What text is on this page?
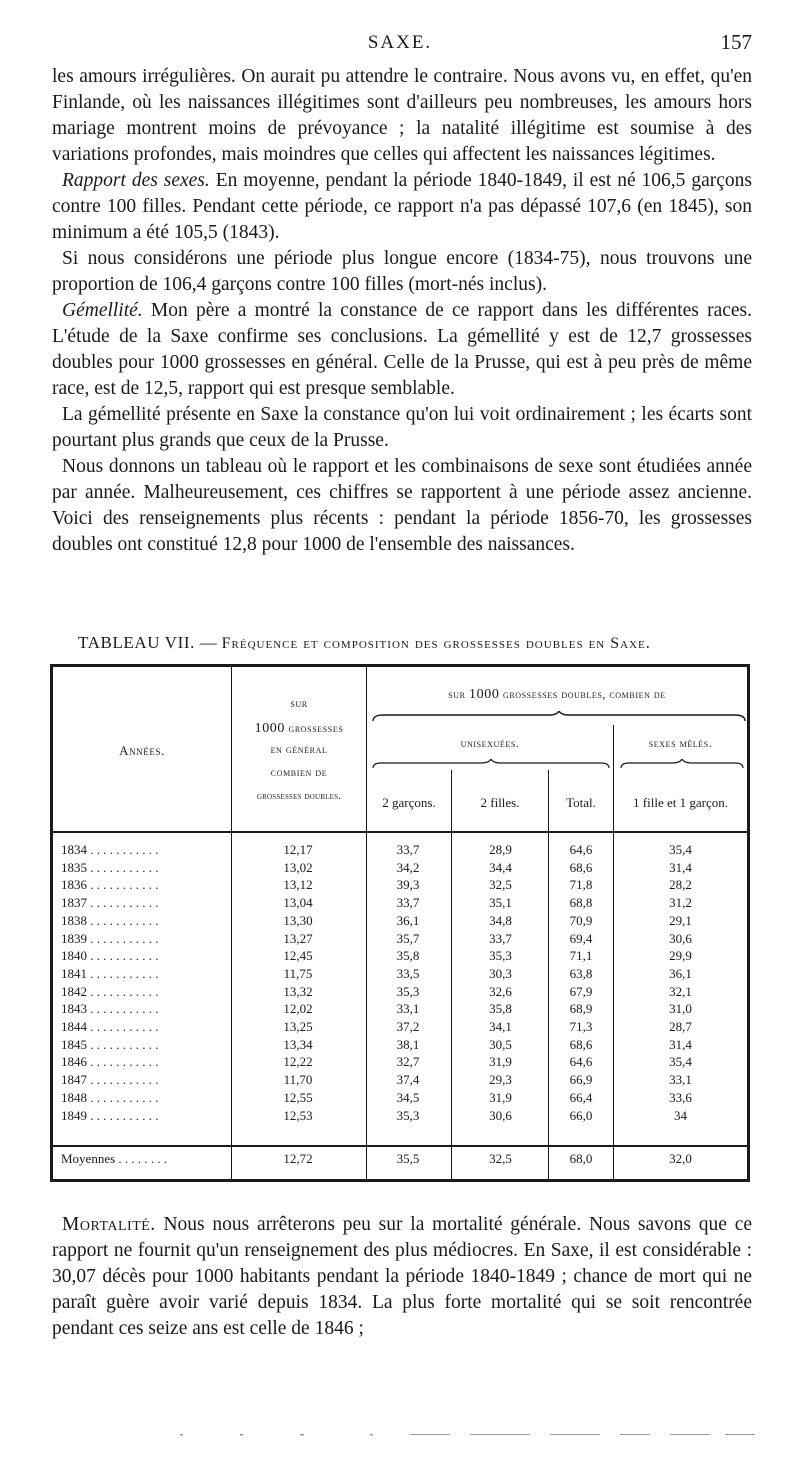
SAXE.	157

les amours irrégulières. On aurait pu attendre le contraire. Nous avons vu, en effet, qu'en Finlande, où les naissances illégitimes sont d'ailleurs peu nombreuses, les amours hors mariage montrent moins de prévoyance ; la natalité illégitime est soumise à des variations profondes, mais moindres que celles qui affectent les naissances légitimes.

Rapport des sexes. En moyenne, pendant la période 1840-1849, il est né 106,5 garçons contre 100 filles. Pendant cette période, ce rapport n'a pas dépassé 107,6 (en 1845), son minimum a été 105,5 (1843).

Si nous considérons une période plus longue encore (1834-75), nous trouvons une proportion de 106,4 garçons contre 100 filles (mort-nés inclus).

Gémellité. Mon père a montré la constance de ce rapport dans les différentes races. L'étude de la Saxe confirme ses conclusions. La gémellité y est de 12,7 grossesses doubles pour 1000 grossesses en général. Celle de la Prusse, qui est à peu près de même race, est de 12,5, rapport qui est presque semblable.

La gémellité présente en Saxe la constance qu'on lui voit ordinairement ; les écarts sont pourtant plus grands que ceux de la Prusse.

Nous donnons un tableau où le rapport et les combinaisons de sexe sont étudiées année par année. Malheureusement, ces chiffres se rapportent à une période assez ancienne. Voici des renseignements plus récents : pendant la période 1856-70, les grossesses doubles ont constitué 12,8 pour 1000 de l'ensemble des naissances.

TABLEAU VII. — Fréquence et composition des grossesses doubles en Saxe.
Années.
sur
1000 grossesses
en général
combien de
grossesses doubles.
sur 1000 grossesses doubles, combien de
unisexuées.	sexes mêlés.
2 garçons.	2 filles.	Total.	1 fille et 1 garçon.
1834 . . . . . . . . . . .	12,17	33,7	28,9	64,6	35,4
1835 . . . . . . . . . . .	13,02	34,2	34,4	68,6	31,4
1836 . . . . . . . . . . .	13,12	39,3	32,5	71,8	28,2
1837 . . . . . . . . . . .	13,04	33,7	35,1	68,8	31,2
1838 . . . . . . . . . . .	13,30	36,1	34,8	70,9	29,1
1839 . . . . . . . . . . .	13,27	35,7	33,7	69,4	30,6
1840 . . . . . . . . . . .	12,45	35,8	35,3	71,1	29,9
1841 . . . . . . . . . . .	11,75	33,5	30,3	63,8	36,1
1842 . . . . . . . . . . .	13,32	35,3	32,6	67,9	32,1
1843 . . . . . . . . . . .	12,02	33,1	35,8	68,9	31,0
1844 . . . . . . . . . . .	13,25	37,2	34,1	71,3	28,7
1845 . . . . . . . . . . .	13,34	38,1	30,5	68,6	31,4
1846 . . . . . . . . . . .	12,22	32,7	31,9	64,6	35,4
1847 . . . . . . . . . . .	11,70	37,4	29,3	66,9	33,1
1848 . . . . . . . . . . .	12,55	34,5	31,9	66,4	33,6
1849 . . . . . . . . . . .	12,53	35,3	30,6	66,0	34
Moyennes . . . . . . . .	12,72	35,5	32,5	68,0	32,0

Mortalité. Nous nous arrêterons peu sur la mortalité générale. Nous savons que ce rapport ne fournit qu'un renseignement des plus médiocres. En Saxe, il est considérable : 30,07 décès pour 1000 habitants pendant la période 1840-1849 ; chance de mort qui ne paraît guère avoir varié depuis 1834. La plus forte mortalité qui se soit rencontrée pendant ces seize ans est celle de 1846 ;
